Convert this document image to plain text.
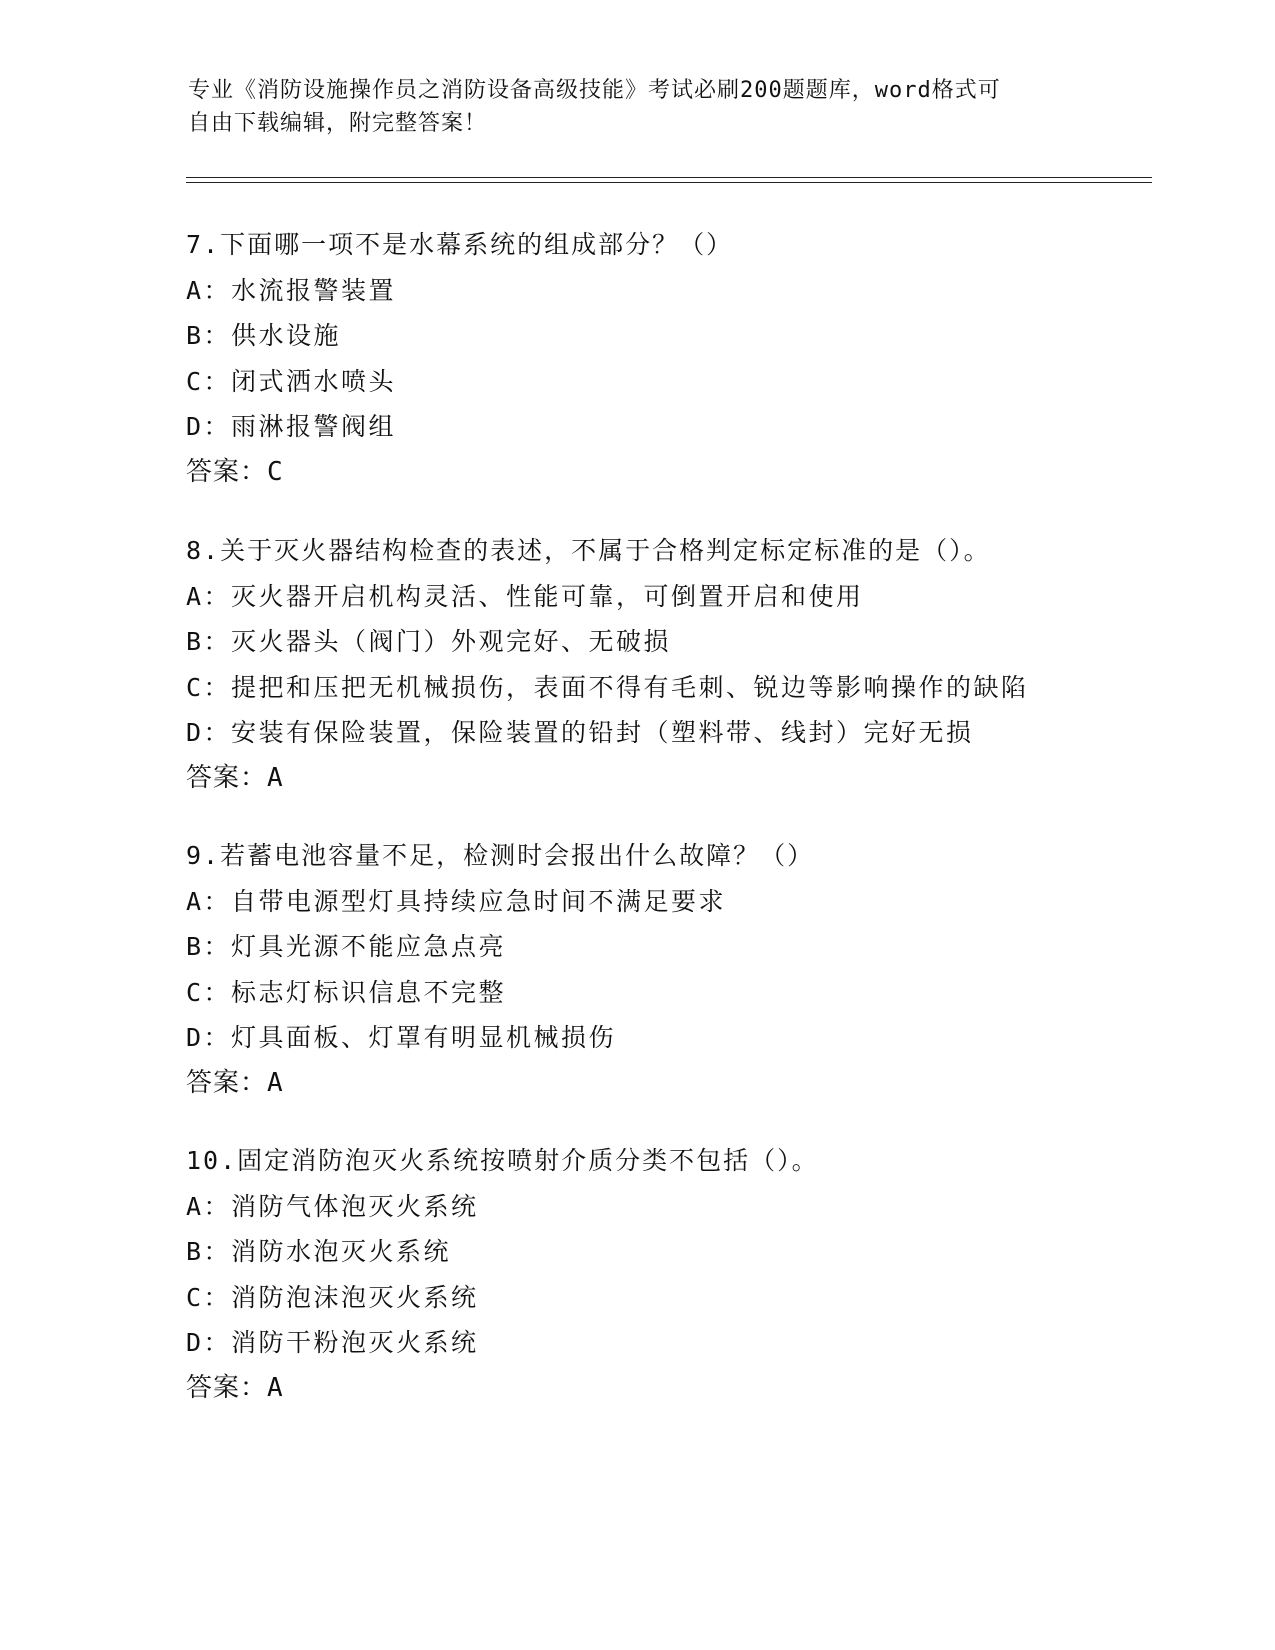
专业《消防设施操作员之消防设备高级技能》考试必刷200题题库，word格式可
自由下载编辑，附完整答案！
7.下面哪一项不是水幕系统的组成部分？（）
A：水流报警装置
B：供水设施
C：闭式洒水喷头
D：雨淋报警阀组
答案：C
8.关于灭火器结构检查的表述，不属于合格判定标定标准的是（）。
A：灭火器开启机构灵活、性能可靠，可倒置开启和使用
B：灭火器头（阀门）外观完好、无破损
C：提把和压把无机械损伤，表面不得有毛刺、锐边等影响操作的缺陷
D：安装有保险装置，保险装置的铅封（塑料带、线封）完好无损
答案：A
9.若蓄电池容量不足，检测时会报出什么故障？（）
A：自带电源型灯具持续应急时间不满足要求
B：灯具光源不能应急点亮
C：标志灯标识信息不完整
D：灯具面板、灯罩有明显机械损伤
答案：A
10.固定消防泡灭火系统按喷射介质分类不包括（）。
A：消防气体泡灭火系统
B：消防水泡灭火系统
C：消防泡沫泡灭火系统
D：消防干粉泡灭火系统
答案：A
